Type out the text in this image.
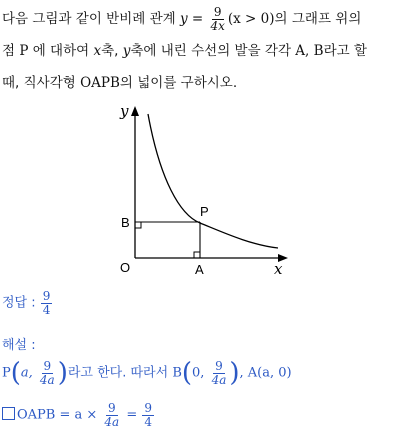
다음 그림과 같이 반비례 관계 $y = \frac{9}{4x} (x > 0)$의 그래프 위의
점 P 에 대하여 x축, y축에 내린 수선의 발을 각각 A, B라고 할
때, 직사각형 OAPB의 넓이를 구하시오.
y
x
O	A
B
P
정답 : $\frac{9}{4}$
해설 :
P(a, $\frac{9}{4a}$ )라고 한다. 따라서 B(0, $\frac{9}{4a}$ ), A(a, 0)
OAPB = $a \times \frac{9}{4a} = \frac{9}{4}$
